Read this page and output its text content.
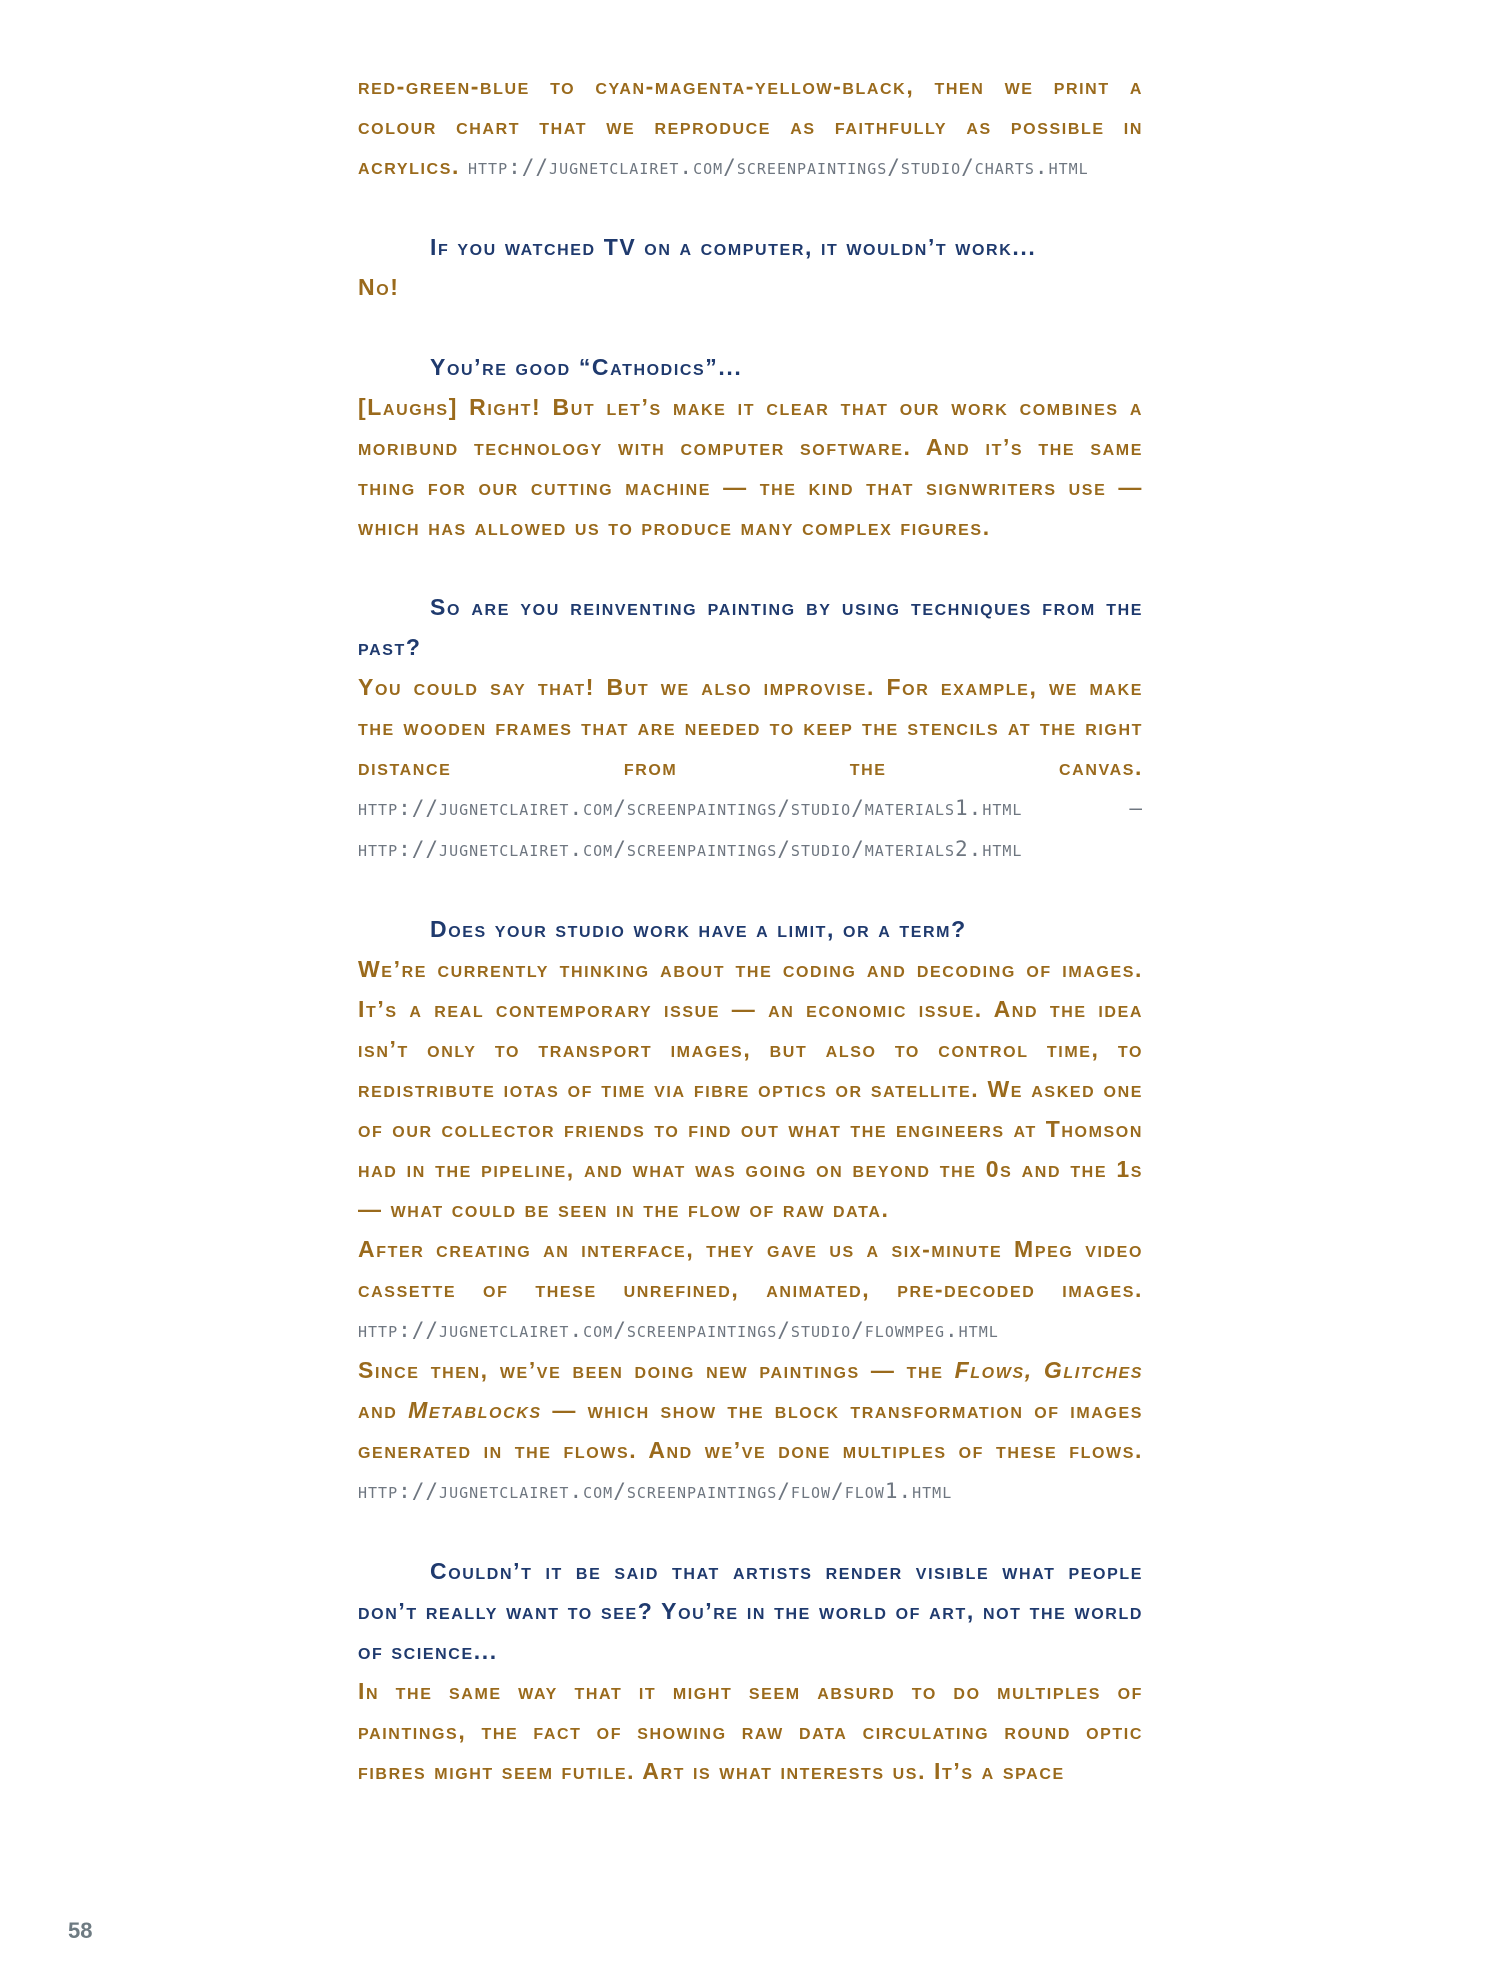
red-green-blue to cyan-magenta-yellow-black, then we print a colour chart that we reproduce as faithfully as possible in acrylics. http://jugnetclairet.com/screenpaintings/studio/charts.html

If you watched TV on a computer, it wouldn’t work...

No!

You’re good “Cathodics”...

[Laughs] Right! But let’s make it clear that our work combines a moribund technology with computer software. And it’s the same thing for our cutting machine — the kind that signwriters use — which has allowed us to produce many complex figures.

So are you reinventing painting by using techniques from the past?

You could say that! But we also improvise. For example, we make the wooden frames that are needed to keep the stencils at the right distance from the canvas. http://jugnetclairet.com/screenpaintings/studio/materials1.html – http://jugnetclairet.com/screenpaintings/studio/materials2.html

Does your studio work have a limit, or a term?

We’re currently thinking about the coding and decoding of images. It’s a real contemporary issue — an economic issue. And the idea isn’t only to transport images, but also to control time, to redistribute iotas of time via fibre optics or satellite. We asked one of our collector friends to find out what the engineers at Thomson had in the pipeline, and what was going on beyond the 0s and the 1s — what could be seen in the flow of raw data.

After creating an interface, they gave us a six-minute Mpeg video cassette of these unrefined, animated, pre-decoded images. http://jugnetclairet.com/screenpaintings/studio/flowmpeg.html

Since then, we’ve been doing new paintings — the Flows, Glitches and Metablocks — which show the block transformation of images generated in the flows. And we’ve done multiples of these flows. http://jugnetclairet.com/screenpaintings/flow/flow1.html

Couldn’t it be said that artists render visible what people don’t really want to see? You’re in the world of art, not the world of science...

In the same way that it might seem absurd to do multiples of paintings, the fact of showing raw data circulating round optic fibres might seem futile. Art is what interests us. It’s a space

58
